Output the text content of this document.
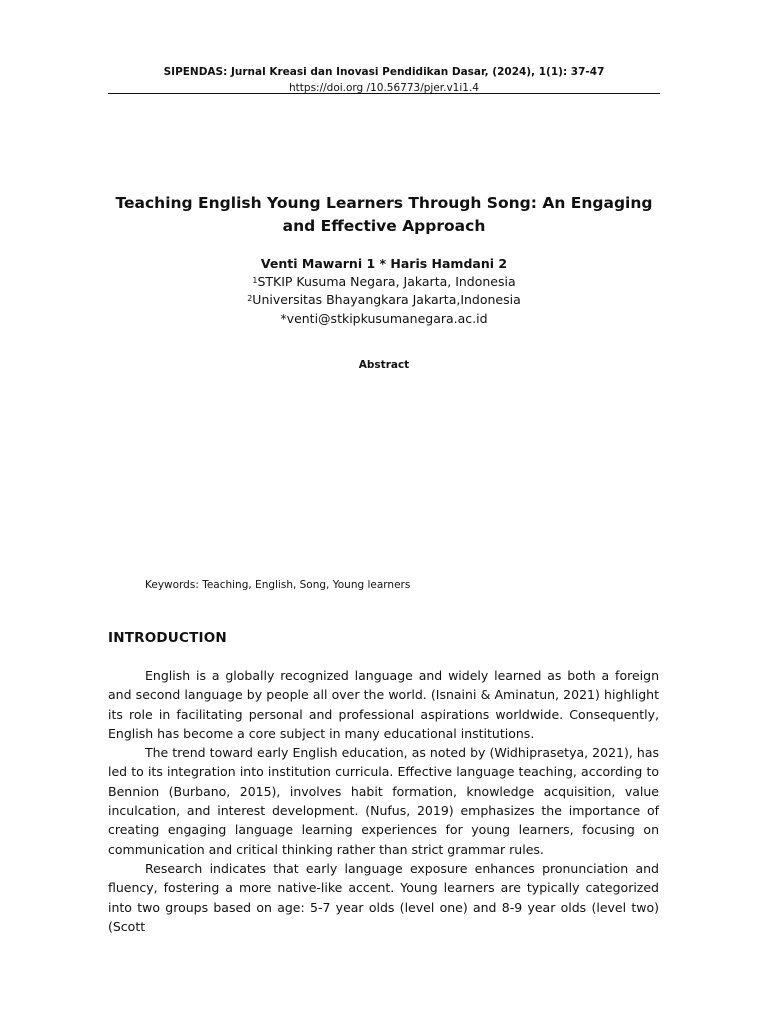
SIPENDAS: Jurnal Kreasi dan Inovasi Pendidikan Dasar, (2024), 1(1): 37-47
https://doi.org /10.56773/pjer.v1i1.4
Teaching English Young Learners Through Song: An Engaging
and Effective Approach
Venti Mawarni 1 * Haris Hamdani 2
$^1$STKIP Kusuma Negara, Jakarta, Indonesia
$^2$Universitas Bhayangkara Jakarta,Indonesia
*venti@stkipkusumanegara.ac.id
Abstract
Keywords: Teaching, English, Song, Young learners
INTRODUCTION

English is a globally recognized language and widely learned as both a foreign and second language by people all over the world. (Isnaini & Aminatun, 2021) highlight its role in facilitating personal and professional aspirations worldwide. Consequently, English has become a core subject in many educational institutions.

The trend toward early English education, as noted by (Widhiprasetya, 2021), has led to its integration into institution curricula. Effective language teaching, according to Bennion (Burbano, 2015), involves habit formation, knowledge acquisition, value inculcation, and interest development. (Nufus, 2019) emphasizes the importance of creating engaging language learning experiences for young learners, focusing on communication and critical thinking rather than strict grammar rules.

Research indicates that early language exposure enhances pronunciation and fluency, fostering a more native-like accent. Young learners are typically categorized into two groups based on age: 5-7 year olds (level one) and 8-9 year olds (level two) (Scott
